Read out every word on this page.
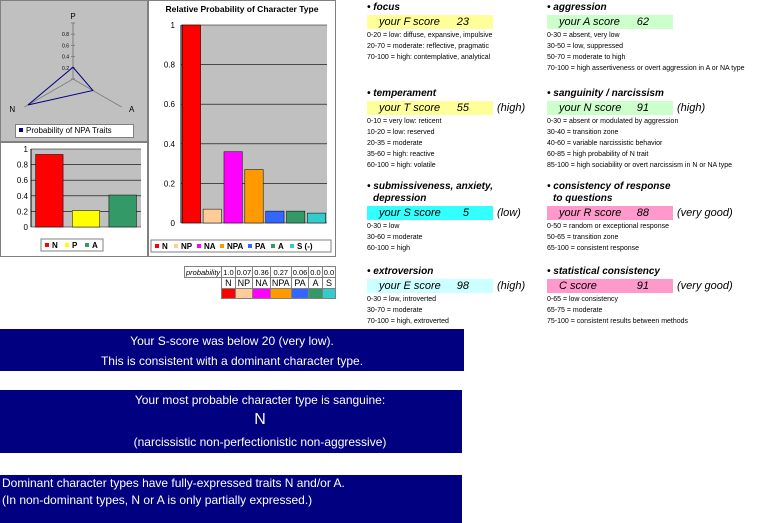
0.8
0.6
0.4
0.2
P
A
N
Probability of NPA Traits
0
0.2
0.4
0.6
0.8
1
N P A
Relative Probability of Character Type
0
0.2
0.4
0.6
0.8
1
N NP NA NPA PA A S (-)
probability	1.0	0.07	0.36	0.27	0.06	0.0	0.0
	N	NP	NA	NPA	PA	A	S

• focus
your F score	23
0-20 = low: diffuse, expansive, impulsive
20-70 = moderate: reflective, pragmatic
70-100 = high: contemplative, analytical
• temperament
your T score	55	(high)
0-10 = very low: reticent
10-20 = low: reserved
20-35 = moderate
35-60 = high: reactive
60-100 = high: volatile
• submissiveness, anxiety,
depression
your S score	5	(low)
0-30 = low
30-60 = moderate
60-100 = high
• extroversion
your E score	98	(high)
0-30 = low, introverted
30-70 = moderate
70-100 = high, extroverted
• aggression
your A score	62
0-30 = absent, very low
30-50 = low, suppressed
50-70 = moderate to high
70-100 = high assertiveness or overt aggression in A or NA type
• sanguinity / narcissism
your N score	91	(high)
0-30 = absent or modulated by aggression
30-40 = transition zone
40-60 = variable narcissistic behavior
60-85 = high probability of N trait
85-100 = high sociability or overt narcissism in N or NA type
• consistency of response
to questions
your R score	88	(very good)
0-50 = random or exceptional response
50-65 = transition zone
65-100 = consistent response
• statistical consistency
C score	91	(very good)
0-65 = low consistency
65-75 = moderate
75-100 = consistent results between methods
Your S-score was below 20 (very low).
This is consistent with a dominant character type.
Your most probable character type is sanguine:
N
(narcissistic non-perfectionistic non-aggressive)
Dominant character types have fully-expressed traits N and/or A.
(In non-dominant types, N or A is only partially expressed.)
